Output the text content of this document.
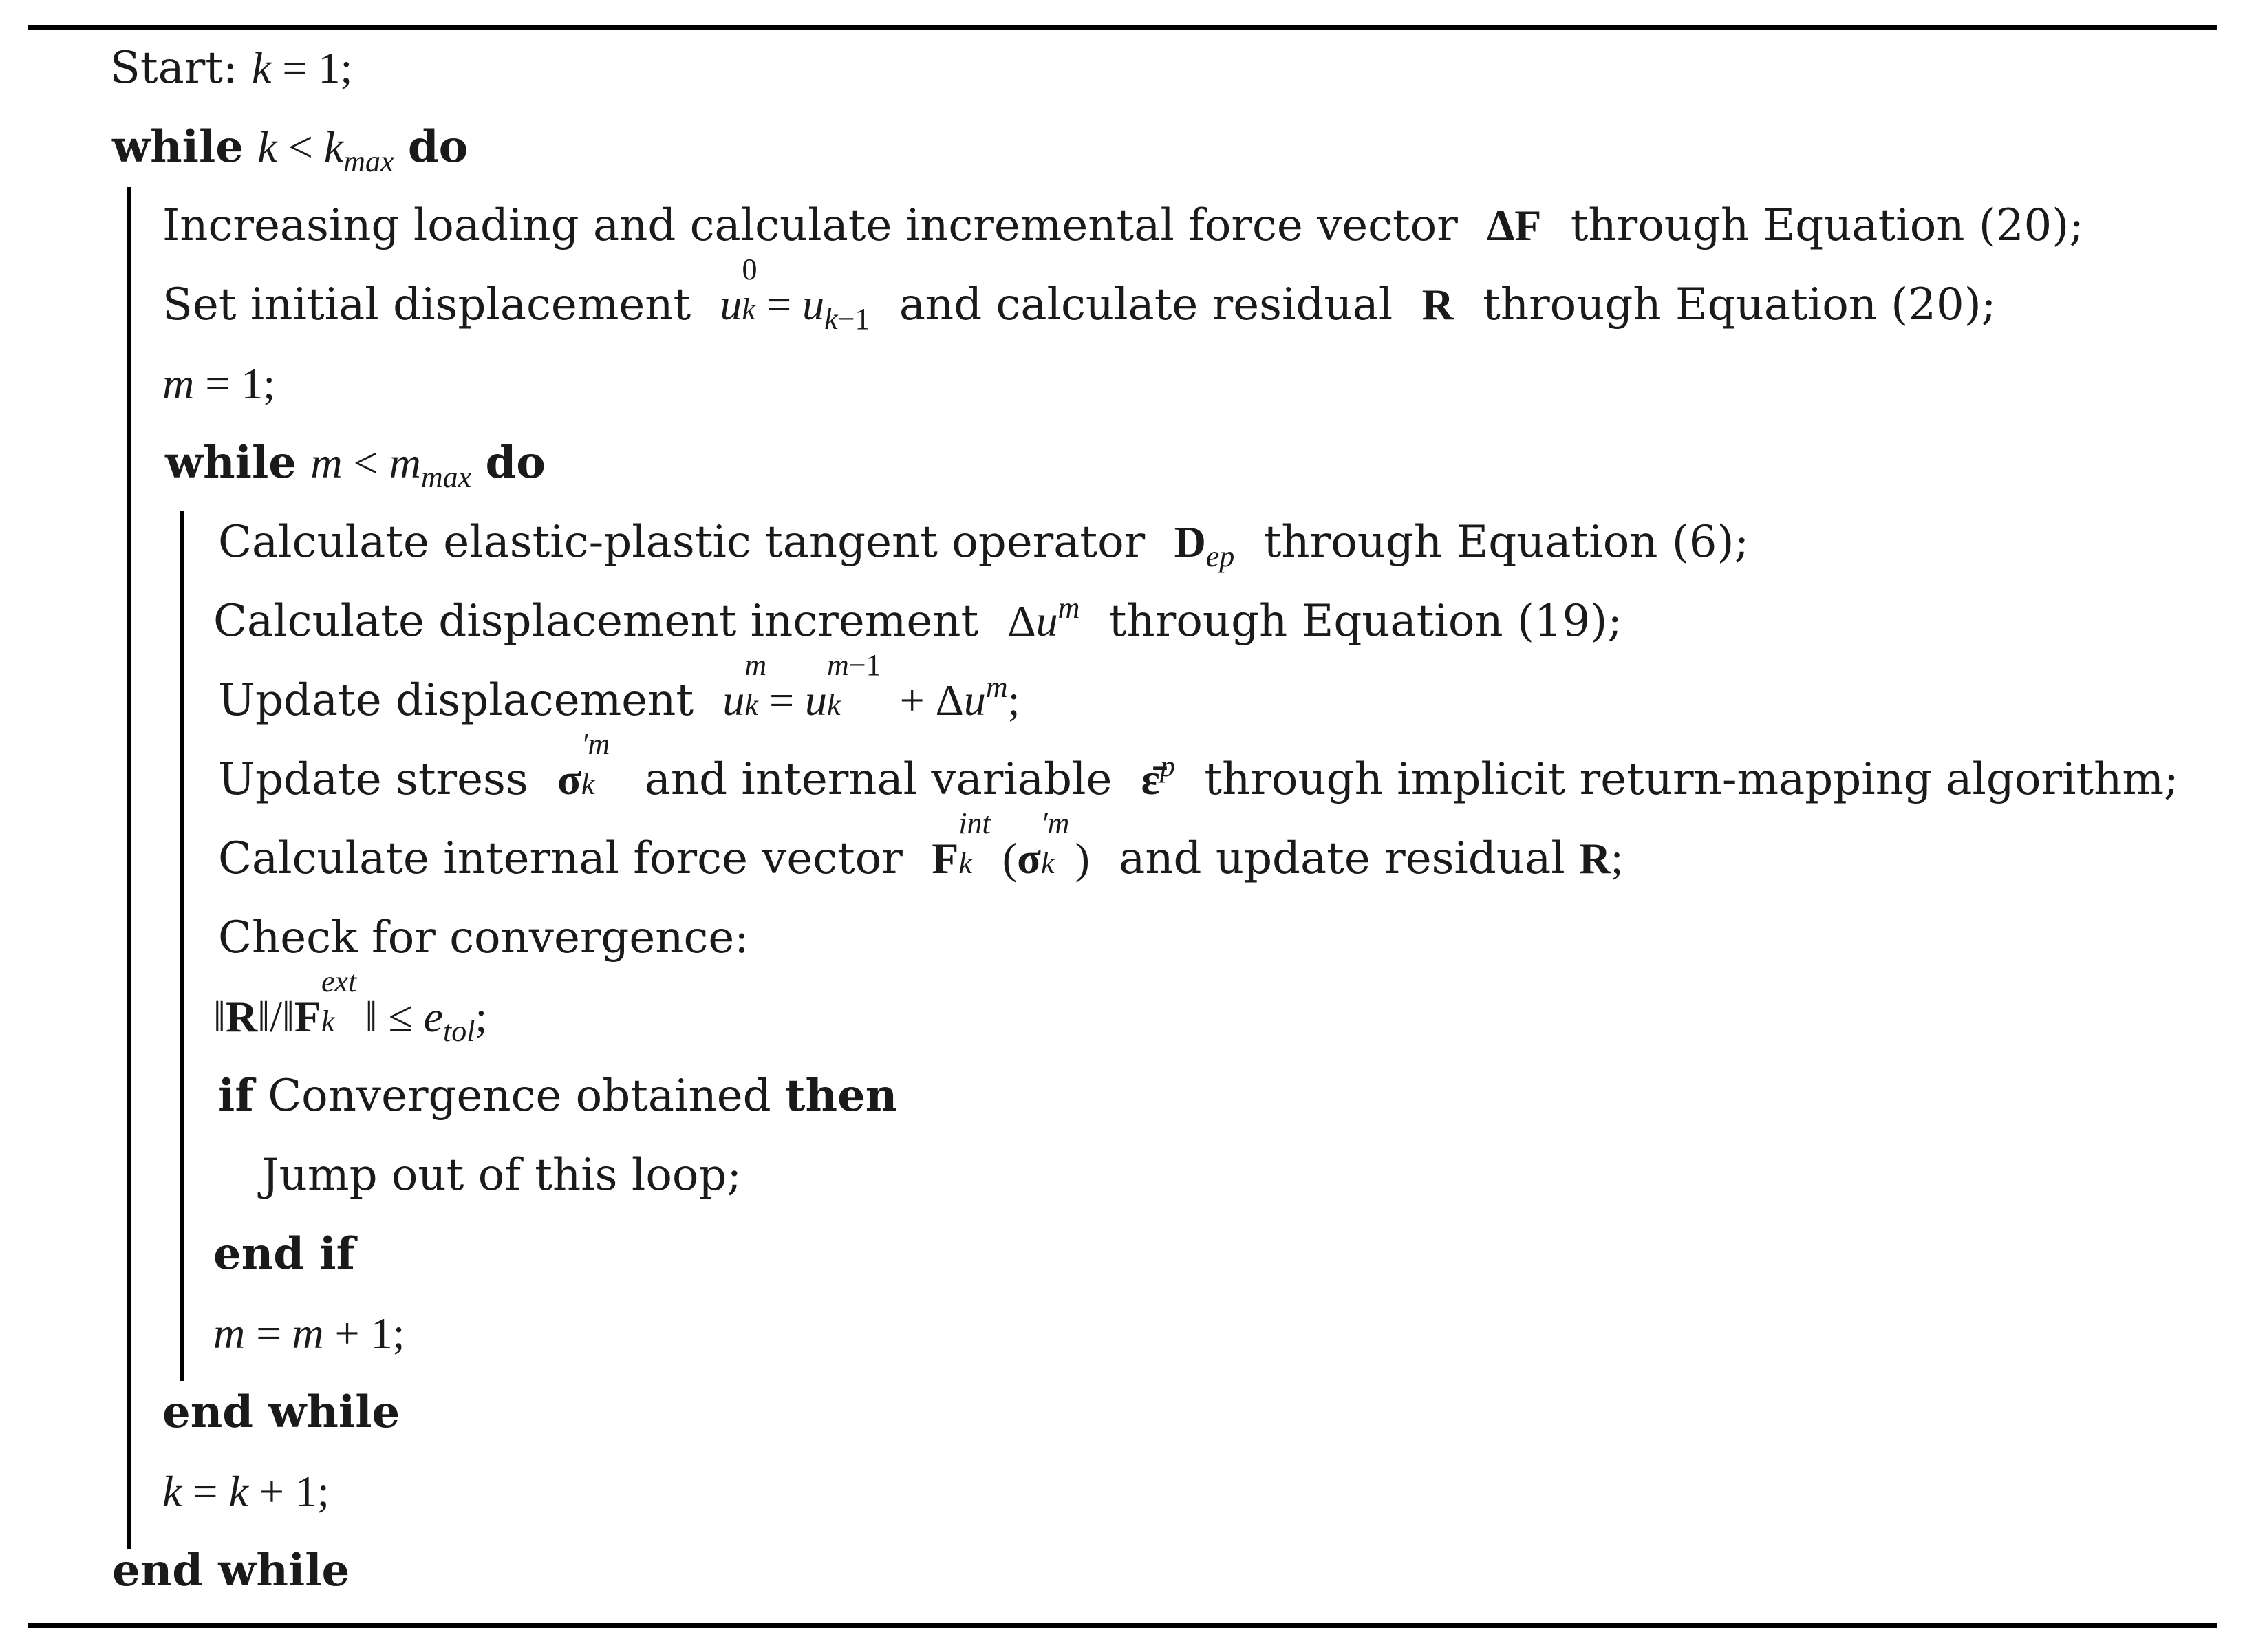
Start: k = 1;
while $k < k_{max}$ do
Increasing loading and calculate incremental force vector ΔF through Equation (20);
Set initial displacement u
0
$k = u_{k-1}$ and calculate residual R through Equation (20);
m = 1;
while $m < m_{max}$ do
Calculate elastic-plastic tangent operator $D_{ep}$ through Equation (6);
Calculate displacement increment $\Delta u^m$ through Equation (19);
Update displacement u
m
k = u
m−1
$k + \Delta u^m$;
Update stress σ
′m
k and internal variable ε̄$^p$ through implicit return-mapping algorithm;
Calculate internal force vector F
int
k (σ
′m
k ) and update residual R;
Check for convergence:
‖R‖/‖F
ext
k ‖ ≤ $e_{tol}$;
if Convergence obtained then
Jump out of this loop;
end if
m = m + 1;
end while
k = k + 1;
end while
